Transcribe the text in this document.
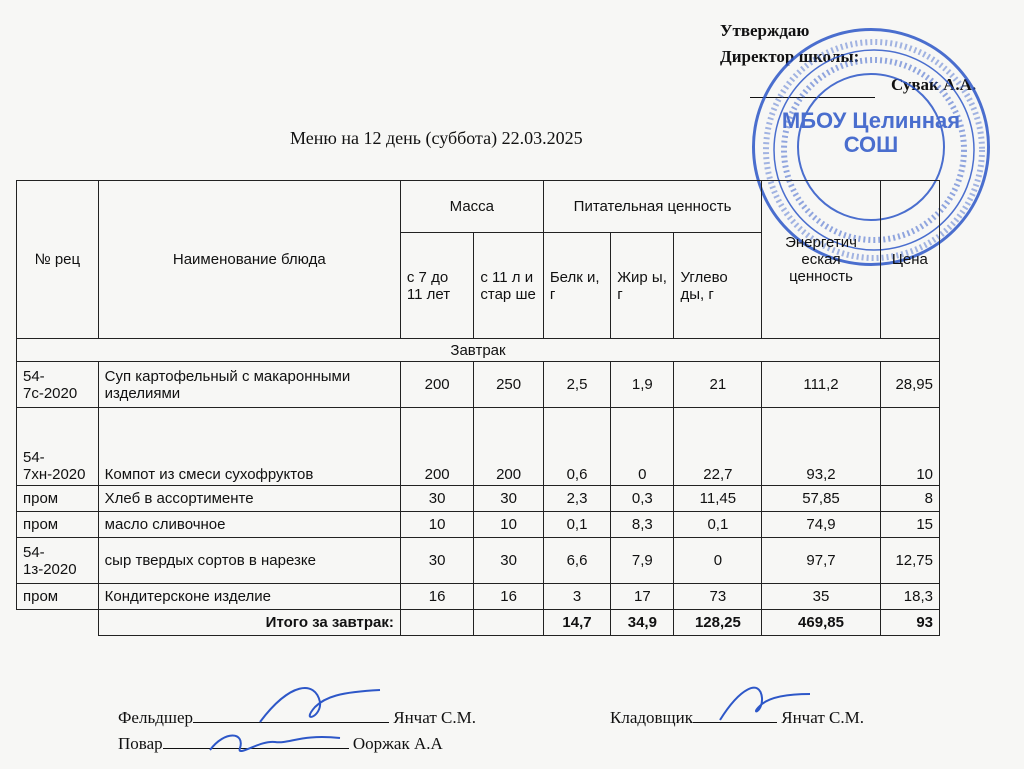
Утверждаю
Директор школы:
Сувак А.А.
МБОУ Целинная СОШ
Меню на 12 день (суббота) 22.03.2025
№ рец	Наименование блюда	Масса		Питательная ценность			Энергетич еская ценность	Цена
		с 7 до 11 лет	с 11 л и стар ше	Белк и, г	Жир ы, г	Углево ды, г		
Завтрак								
54-7с-2020	Суп картофельный с макаронными изделиями	200	250	2,5	1,9	21	111,2	28,95
54-7хн-2020	Компот из смеси сухофруктов	200	200	0,6	0	22,7	93,2	10
пром	Хлеб в ассортименте	30	30	2,3	0,3	11,45	57,85	8
пром	масло сливочное	10	10	0,1	8,3	0,1	74,9	15
54-1з-2020	сыр твердых сортов в нарезке	30	30	6,6	7,9	0	97,7	12,75
пром	Кондитерсконе изделие	16	16	3	17	73	35	18,3
	Итого за завтрак:			14,7	34,9	128,25	469,85	93
Фельдшер	Янчат С.М.	Кладовщик	Янчат С.М.
Повар	Ооржак А.А
